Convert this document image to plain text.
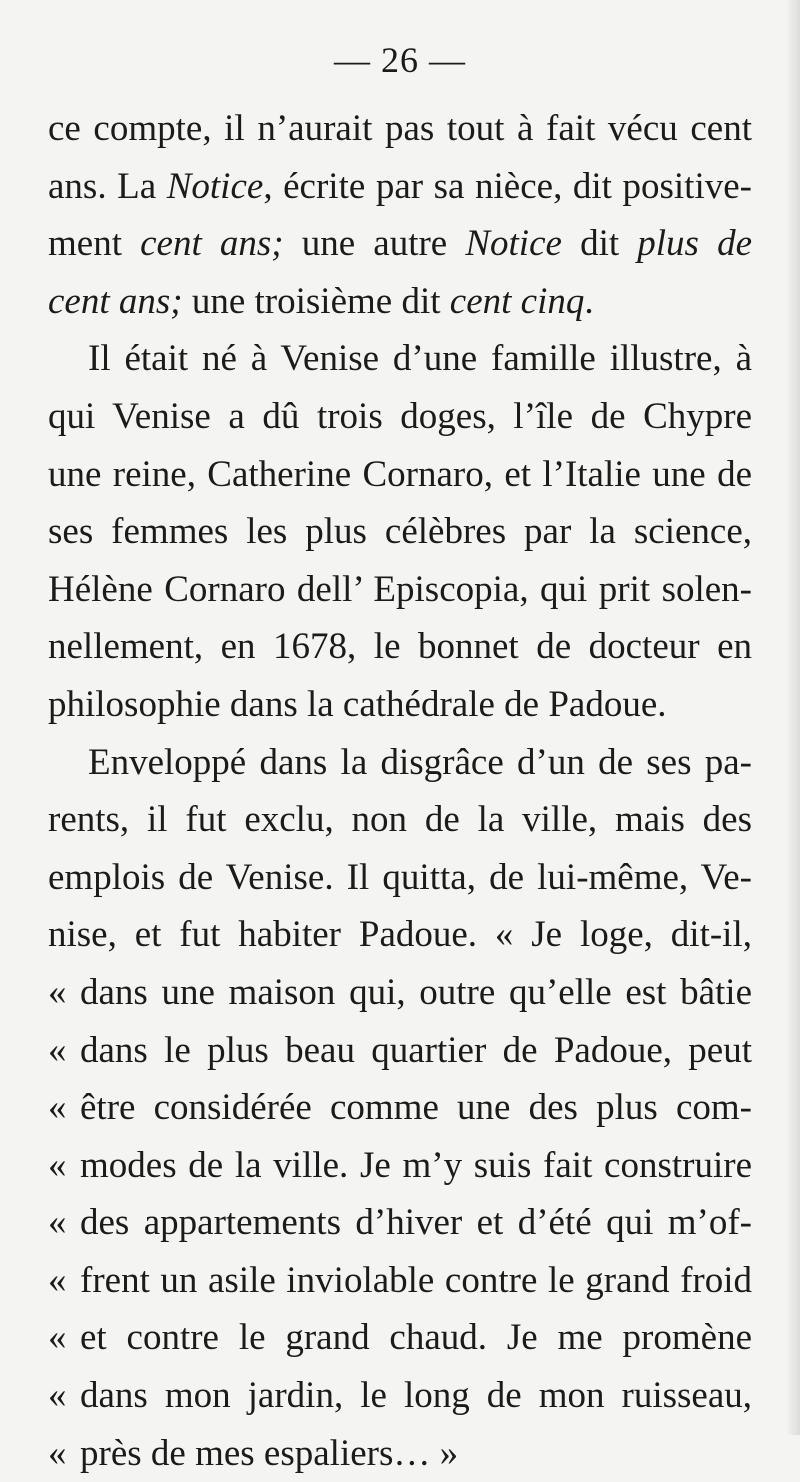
— 26 —
ce compte, il n’aurait pas tout à fait vécu cent
ans. La Notice, écrite par sa nièce, dit positive-
ment cent ans; une autre Notice dit plus de
cent ans; une troisième dit cent cinq.
Il était né à Venise d’une famille illustre, à
qui Venise a dû trois doges, l’île de Chypre
une reine, Catherine Cornaro, et l’Italie une de
ses femmes les plus célèbres par la science,
Hélène Cornaro dell’ Episcopia, qui prit solen-
nellement, en 1678, le bonnet de docteur en
philosophie dans la cathédrale de Padoue.
Enveloppé dans la disgrâce d’un de ses pa-
rents, il fut exclu, non de la ville, mais des
emplois de Venise. Il quitta, de lui-même, Ve-
nise, et fut habiter Padoue. « Je loge, dit-il,
« dans une maison qui, outre qu’elle est bâtie
« dans le plus beau quartier de Padoue, peut
« être considérée comme une des plus com-
« modes de la ville. Je m’y suis fait construire
« des appartements d’hiver et d’été qui m’of-
« frent un asile inviolable contre le grand froid
« et contre le grand chaud. Je me promène
« dans mon jardin, le long de mon ruisseau,
« près de mes espaliers… »
